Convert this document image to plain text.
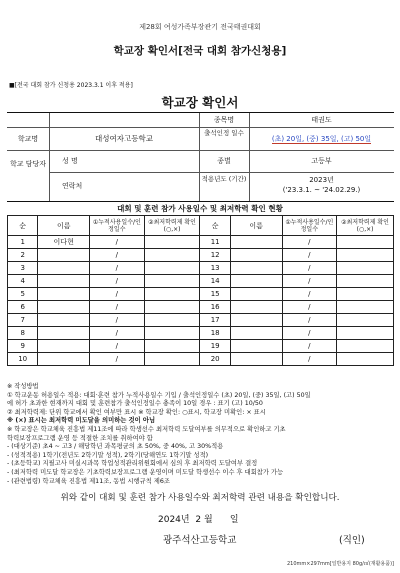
제28회 여성가족부장관기 전국태권대회
학교장 확인서[전국 대회 참가신청용]
■[전국 대회 참가 신청용 2023.3.1 이후 적용]
학교장 확인서
학교명	대성여자고등학교
종목명	태권도
출석인정 일수
(초) 20일, (중) 35일, (고) 50일
학교 담당자	성 명
연락처
종별	고등부
적용년도 (기간)	2023년
('23.3.1. ~ '24.02.29.)
대회 및 훈련 참가 사용일수 및 최저학력 확인 현황
순	이름	①누적사용일수/인정일수	②최저학력제 확인(○,×)	순	이름	①누적사용일수/인정일수	②최저학력제 확인(○,×)
1	이다현	/		11		/	
2		/		12		/	
3		/		13		/	
4		/		14		/	
5		/		15		/	
6		/		16		/	
7		/		17		/	
8		/		18		/	
9		/		19		/	
10		/		20		/	
※ 작성방법
① 학교운동 허용일수 적용: 대회·훈련 참가 누적사용일수 기입 / 출석인정일수 (초) 20일, (중) 35일, (고) 50일
에 허가 초과한 현재까지 대회 및 훈련참가 출석인정일수 충족이 10일 경우 : 표기 (고) 10/50
② 최저학력제: 단위 학교에서 확인 여부만 표시 ※ 학교장 확인: ○표시, 학교장 미확인: × 표시
※ (×) 표시는 최저학력 미도달을 의미하는 것이 아님
※ 학교장은 학교체육 진흥법 제11조에 따라 학생선수 최저학력 도달여부를 의무적으로 확인하고 기초
학력보장프로그램 운영 등 적절한 조치를 취하여야 함
- (대상기준) 초4 ~ 고3 / 해당학년 과목평균의 초 50%, 중 40%, 고 30%적용
- (성적적용) 1학기(전년도 2학기말 성적), 2학기(당해연도 1학기말 성적)
- (초등학교) 지필고사 미실시과목 학업성적관리위원회에서 심의 후 최저학력 도달여부 결정
- (최저학력 미도달 학교장은 기초학력보장프로그램 운영이며 미도달 학생선수 이수 후 대회참가 가능
- (관련법령) 학교체육 진흥법 제11조, 동법 시행규칙 제6조
위와 같이 대회 및 훈련 참가 사용일수와 최저학력 관련 내용을 확인합니다.
2024년 2 월 일
광주석산고등학교	(직인)
210mm×297mm[일반용지 80g/㎡(재활용품)]
